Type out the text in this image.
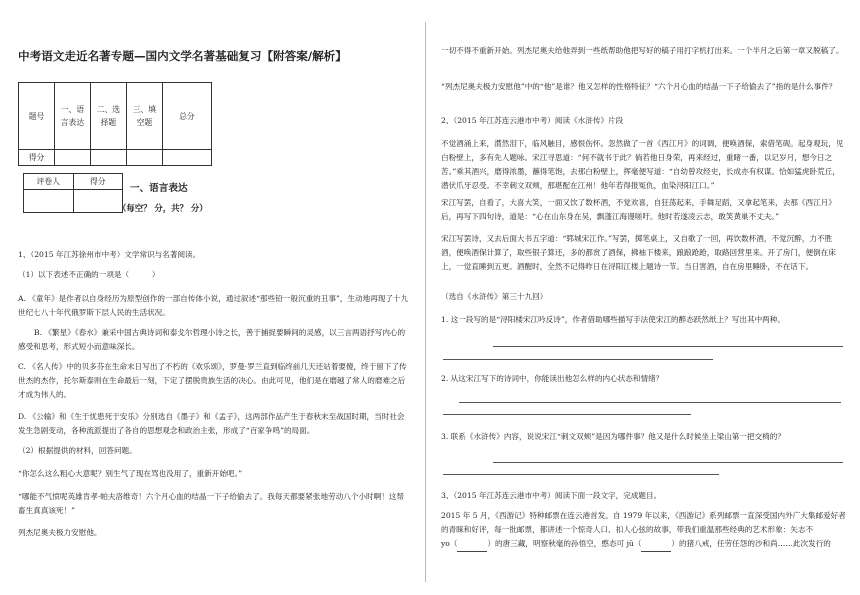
中考语文走近名著专题—国内文学名著基础复习【附答案/解析】
题号	一、语言表达	二、选择题	三、填空题	总分
得分				
评卷人	得分

一、语言表达
（每空？ 分，共？ 分）

1、（2015 年江苏徐州市中考）文学常识与名著阅读。

（1）以下表述不正确的一项是（　　　）

A. 《童年》是作者以自身经历为原型创作的一部自传体小说，通过叙述“那些铅一般沉重的丑事”，生动地再现了十九世纪七八十年代俄罗斯下层人民的生活状况。

B. 《繁星》《春水》兼采中国古典诗词和泰戈尔哲理小诗之长，善于捕捉要瞬间的灵感，以三言两语抒写内心的感受和思考，形式短小而意味深长。

C. 《名人传》中的贝多芬在生命末日写出了不朽的《欢乐颂》，罗曼·罗兰直到临终前几天还站着要傻，终于留下了传世杰的杰作，托尔斯泰则在生命最后一刻，下定了摆脱贵族生活的决心。由此可见，他们是在磨越了常人的磨难之后才成为伟人的。

D. 《公输》和《生于忧患死于安乐》分别选自《墨子》和《孟子》，这两部作品产生于春秋末至战国时期，当时社会发生急剧变动，各种流派提出了各自的思想观念和政治主张，形成了“百家争鸣”的局面。

（2）根据提供的材料，回答问题。

“你怎么这么粗心大意呢？别生气了现在骂也没用了，重新开始吧。”

“哪能不气愤呢英雄肯孝·帕夫洛维奇！六个月心血的结晶一下子给偷去了。我每天都要紧张地劳动八个小时啊！这帮畜生真真该死！”

列杰尼奥夫极力安慰他。

一切不得不重新开始。列杰尼奥夫给他弄到一些纸帮助他把写好的稿子用打字机打出来。一个半月之后第一章又脱稿了。

“列杰尼奥夫极力安慰他”中的“他”是谁？他又怎样的性格特征？“六个月心血的结晶一下子给偷去了”指的是什么事件？

2、（2015 年江苏连云港市中考）阅读《水浒传》片段

不觉酒涌上来，潸然泪下，临风触目，感恨伤怀。忽然做了一首《西江月》的词调，便唤酒保，索借笔砚。起身观玩，见白粉壁上，多有先人题咏。宋江寻思道：“何不就书于此？倘若他日身荣，再来经过，重睹一番，以记岁月，想今日之苦。”乘其酒兴，磨得浓墨，蘸得笔饱，去那白粉壁上，挥毫便写道：“自幼曾攻经史，长成亦有权谋。恰如猛虎卧荒丘，潜伏爪牙忍受。不幸刺文双颊，那堪配在江州！他年若得报冤仇，血染浔阳江口。”

宋江写罢，自看了，大喜大笑，一面又饮了数杯酒，不觉欢喜，自狂荡起来，手舞足蹈，又拿起笔来，去那《西江月》后，再写下四句诗，道是：“心在山东身在吴，飘蓬江海谩嗟吁。他时若遂凌云志，敢笑黄巢不丈夫。”

宋江写罢诗，又去后面大书五字道：“郓城宋江作。”写罢，掷笔桌上，又自歌了一回，再饮数杯酒，不觉沉醉，力不胜酒，便唤酒保计算了，取些银子算还，多的都赏了酒保，拂袖下楼来，踉踉跄跄，取路回营里来。开了房门，便倒在床上，一觉直睡到五更。酒醒时，全然不记得昨日在浔阳江楼上题诗一节。当日害酒，自在房里睡卧，不在话下。

（选自《水浒传》第三十九回）

1. 这一段写的是“浔阳楼宋江吟反诗”，作者借助哪些描写手法使宋江的醉态跃然纸上？写出其中两种。

2. 从这宋江写下的诗词中，你能读出他怎么样的内心状态和情绪？

3. 联系《水浒传》内容，说说宋江“刺文双颊”是因为哪件事？他又是什么时候坐上梁山第一把交椅的？

3、（2015 年江苏连云港市中考）阅读下面一段文字，完成题目。

2015 年 5 月，《西游记》特种邮票在连云港首发。自 1979 年以来，《西游记》系列邮票一直深受国内外广大集邮爱好者的青睐和好评，每一批邮票，都讲述一个惊奇人口、扣人心弦的故事，带我们重温那些经典的艺术形象：矢志不

yo（	）的唐三藏，明察秋毫的孙悟空，憨态可 jū（	）的猪八戒，任劳任怨的沙和尚……此次发行的
